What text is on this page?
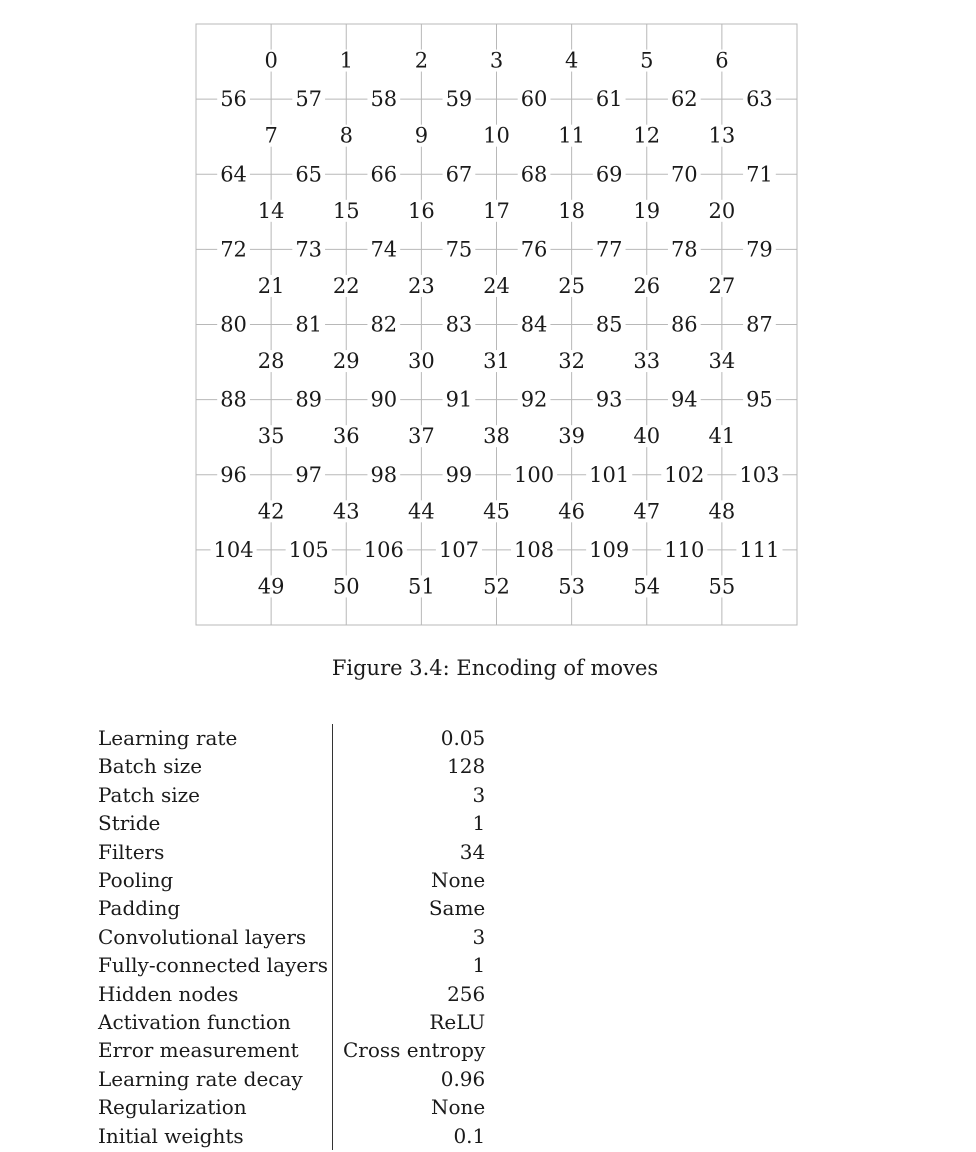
0	1	2	3	4	5	6
56 57 58 59 60 61 62 63
7	8	9	10 11 12 13
64 65 66 67 68 69 70 71
14 15 16 17 18 19 20
72 73 74 75 76 77 78 79
21 22 23 24 25 26 27
80 81 82 83 84 85 86 87
28 29 30 31 32 33 34
88 89 90 91 92 93 94 95
35 36 37 38 39 40 41
96 97 98 99 100 101 102 103
42 43 44 45 46 47 48
104 105 106 107 108 109 110 111
49 50 51 52 53 54 55
Figure 3.4: Encoding of moves
Learning rate	0.05
Batch size	128
Patch size	3
Stride	1
Filters	34
Pooling	None
Padding	Same
Convolutional layers	3
Fully-connected layers	1
Hidden nodes	256
Activation function	ReLU
Error measurement	Cross entropy
Learning rate decay	0.96
Regularization	None
Initial weights	0.1
